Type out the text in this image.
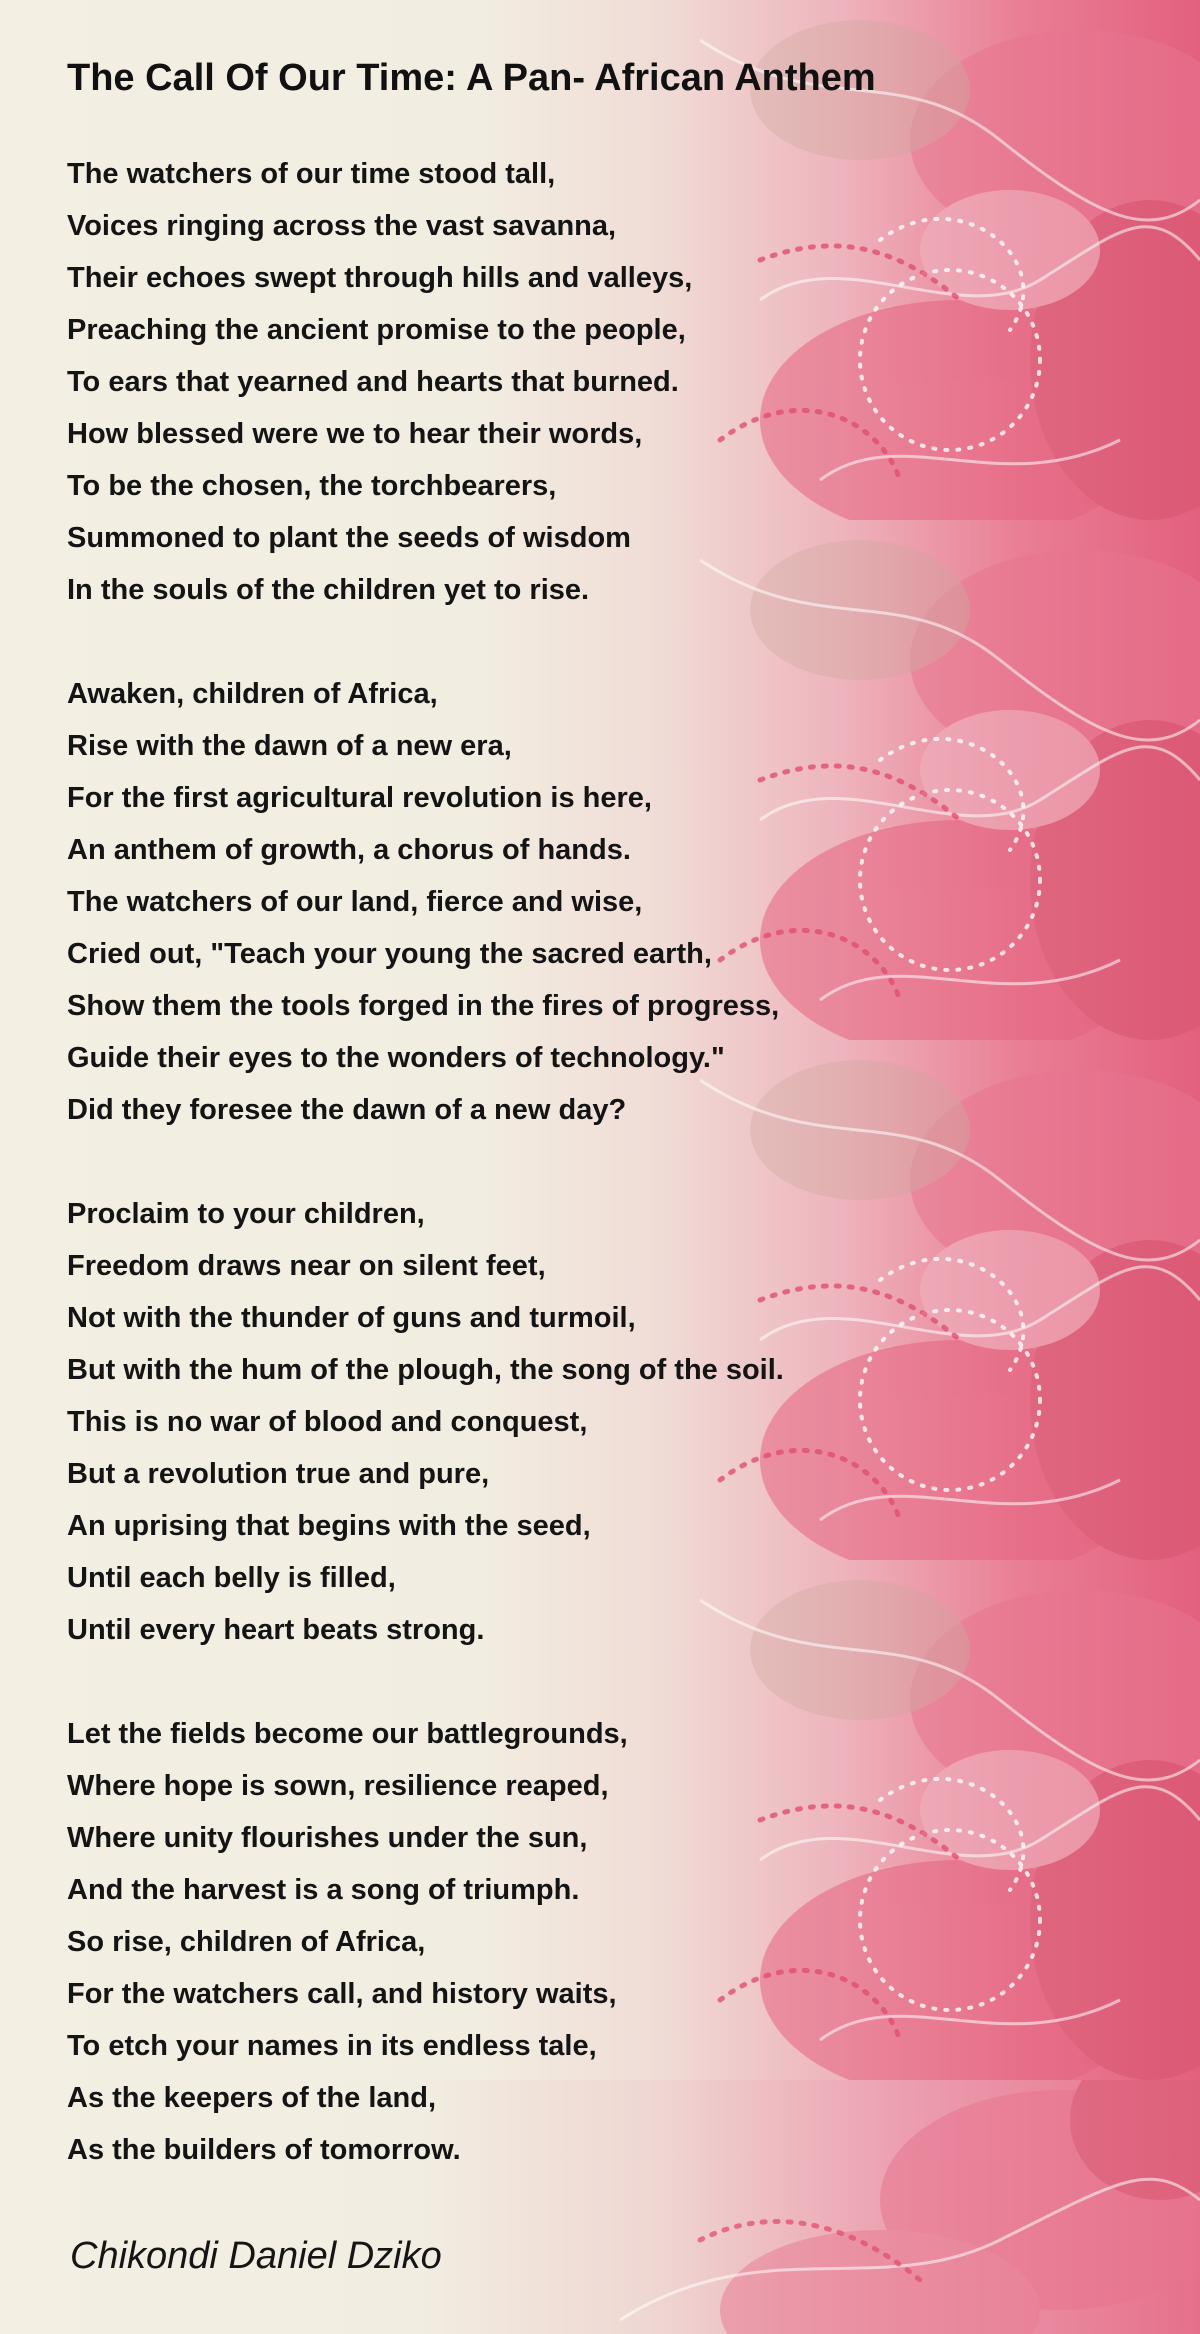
The Call Of Our Time: A Pan- African Anthem

The watchers of our time stood tall,
Voices ringing across the vast savanna,
Their echoes swept through hills and valleys,
Preaching the ancient promise to the people,
To ears that yearned and hearts that burned.
How blessed were we to hear their words,
To be the chosen, the torchbearers,
Summoned to plant the seeds of wisdom
In the souls of the children yet to rise.

Awaken, children of Africa,
Rise with the dawn of a new era,
For the first agricultural revolution is here,
An anthem of growth, a chorus of hands.
The watchers of our land, fierce and wise,
Cried out, "Teach your young the sacred earth,
Show them the tools forged in the fires of progress,
Guide their eyes to the wonders of technology."
Did they foresee the dawn of a new day?

Proclaim to your children,
Freedom draws near on silent feet,
Not with the thunder of guns and turmoil,
But with the hum of the plough, the song of the soil.
This is no war of blood and conquest,
But a revolution true and pure,
An uprising that begins with the seed,
Until each belly is filled,
Until every heart beats strong.

Let the fields become our battlegrounds,
Where hope is sown, resilience reaped,
Where unity flourishes under the sun,
And the harvest is a song of triumph.
So rise, children of Africa,
For the watchers call, and history waits,
To etch your names in its endless tale,
As the keepers of the land,
As the builders of tomorrow.

Chikondi Daniel Dziko
